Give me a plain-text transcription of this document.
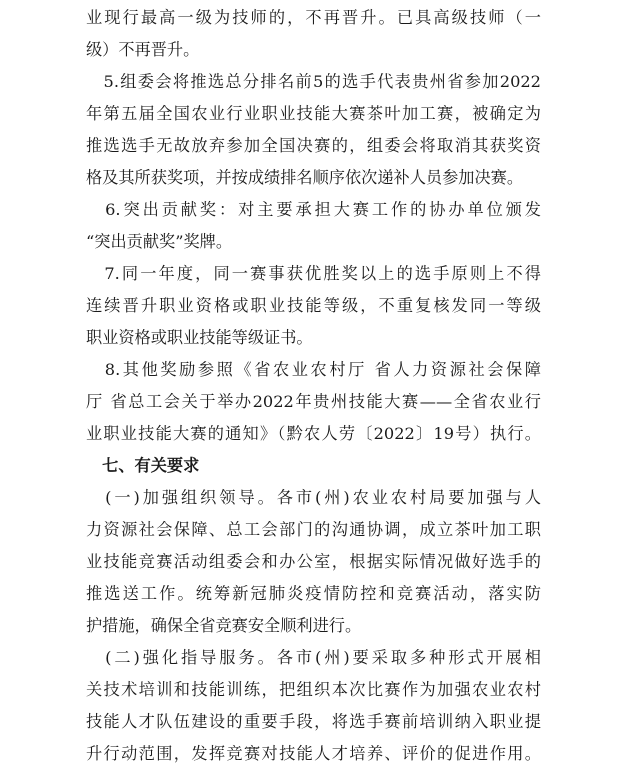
业现行最高一级为技师的，不再晋升。已具高级技师（一
级）不再晋升。
　5.组委会将推选总分排名前5的选手代表贵州省参加2022
年第五届全国农业行业职业技能大赛茶叶加工赛，被确定为
推选选手无故放弃参加全国决赛的，组委会将取消其获奖资
格及其所获奖项，并按成绩排名顺序依次递补人员参加决赛。
　6.突出贡献奖：对主要承担大赛工作的协办单位颁发
“突出贡献奖”奖牌。
　7.同一年度，同一赛事获优胜奖以上的选手原则上不得
连续晋升职业资格或职业技能等级，不重复核发同一等级
职业资格或职业技能等级证书。
　8.其他奖励参照《省农业农村厅 省人力资源社会保障
厅 省总工会关于举办2022年贵州技能大赛——全省农业行
业职业技能大赛的通知》（黔农人劳〔2022〕19号）执行。
　七、有关要求
　(一)加强组织领导。各市(州)农业农村局要加强与人
力资源社会保障、总工会部门的沟通协调，成立茶叶加工职
业技能竞赛活动组委会和办公室，根据实际情况做好选手的
推选送工作。统筹新冠肺炎疫情防控和竞赛活动，落实防
护措施，确保全省竞赛安全顺利进行。
　(二)强化指导服务。各市(州)要采取多种形式开展相
关技术培训和技能训练，把组织本次比赛作为加强农业农村
技能人才队伍建设的重要手段，将选手赛前培训纳入职业提
升行动范围，发挥竞赛对技能人才培养、评价的促进作用。
